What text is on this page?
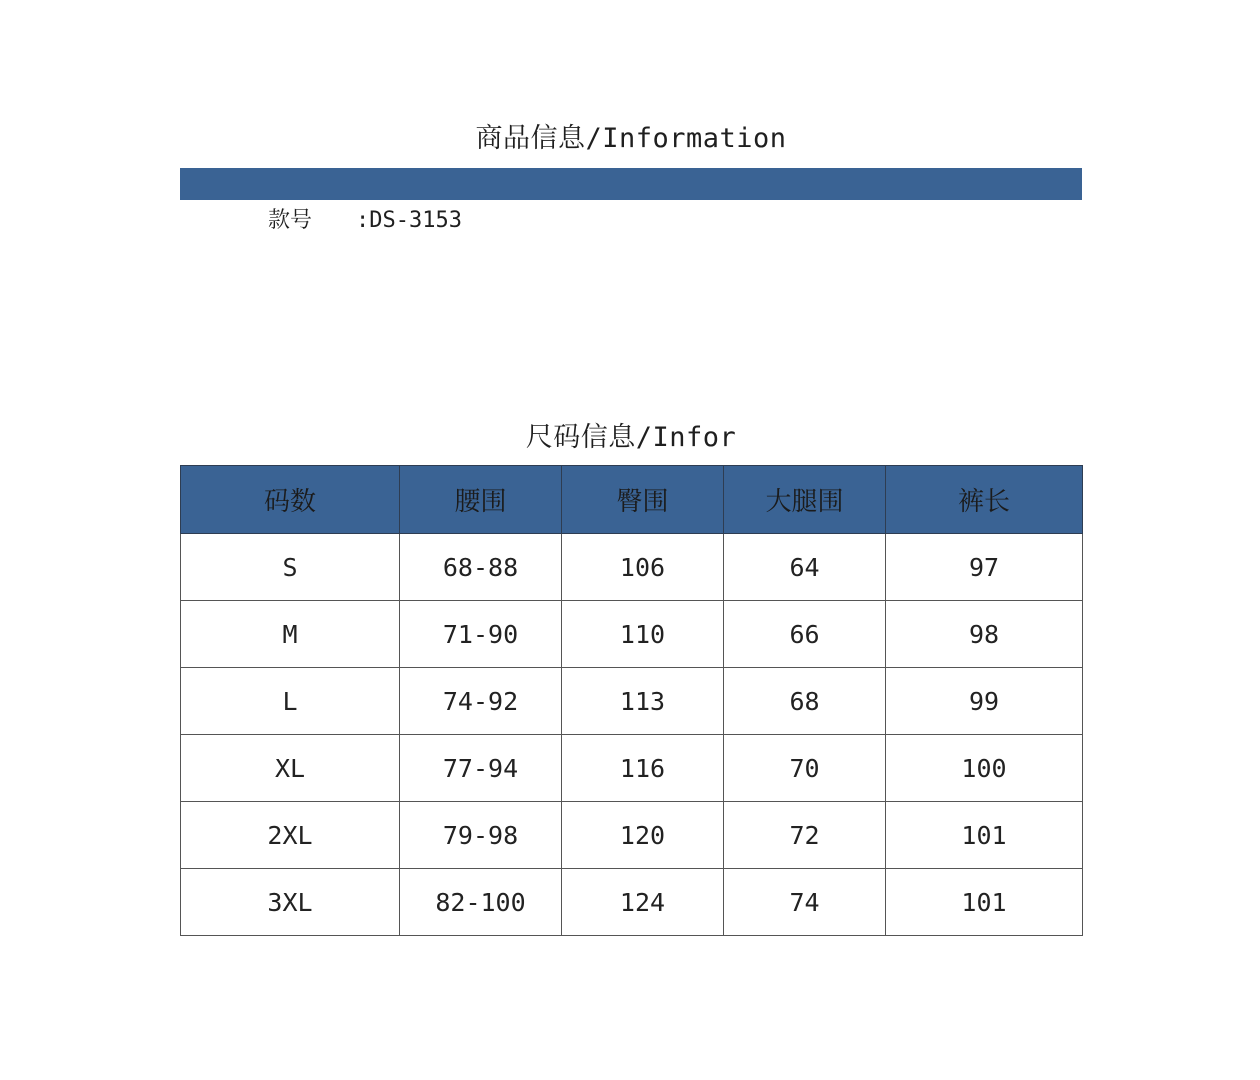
商品信息/Information
款号 :DS-3153
尺码信息/Infor
码数	腰围	臀围	大腿围	裤长
S	68-88	106	64	97
M	71-90	110	66	98
L	74-92	113	68	99
XL	77-94	116	70	100
2XL	79-98	120	72	101
3XL	82-100	124	74	101
